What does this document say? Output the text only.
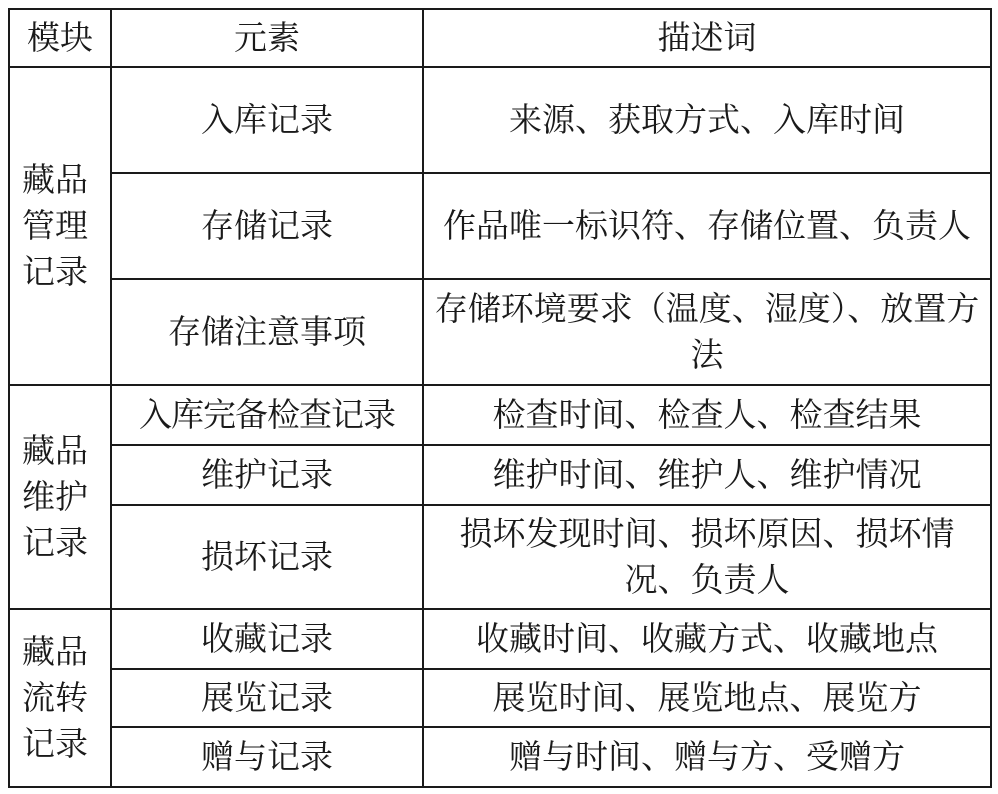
模块	元素	描述词
藏品管理记录	入库记录	来源、获取方式、入库时间
	存储记录	作品唯一标识符、存储位置、负责人
	存储注意事项	存储环境要求（温度、湿度）、放置方法
藏品维护记录	入库完备检查记录	检查时间、检查人、检查结果
	维护记录	维护时间、维护人、维护情况
	损坏记录	损坏发现时间、损坏原因、损坏情况、负责人
藏品流转记录	收藏记录	收藏时间、收藏方式、收藏地点
	展览记录	展览时间、展览地点、展览方
	赠与记录	赠与时间、赠与方、受赠方
